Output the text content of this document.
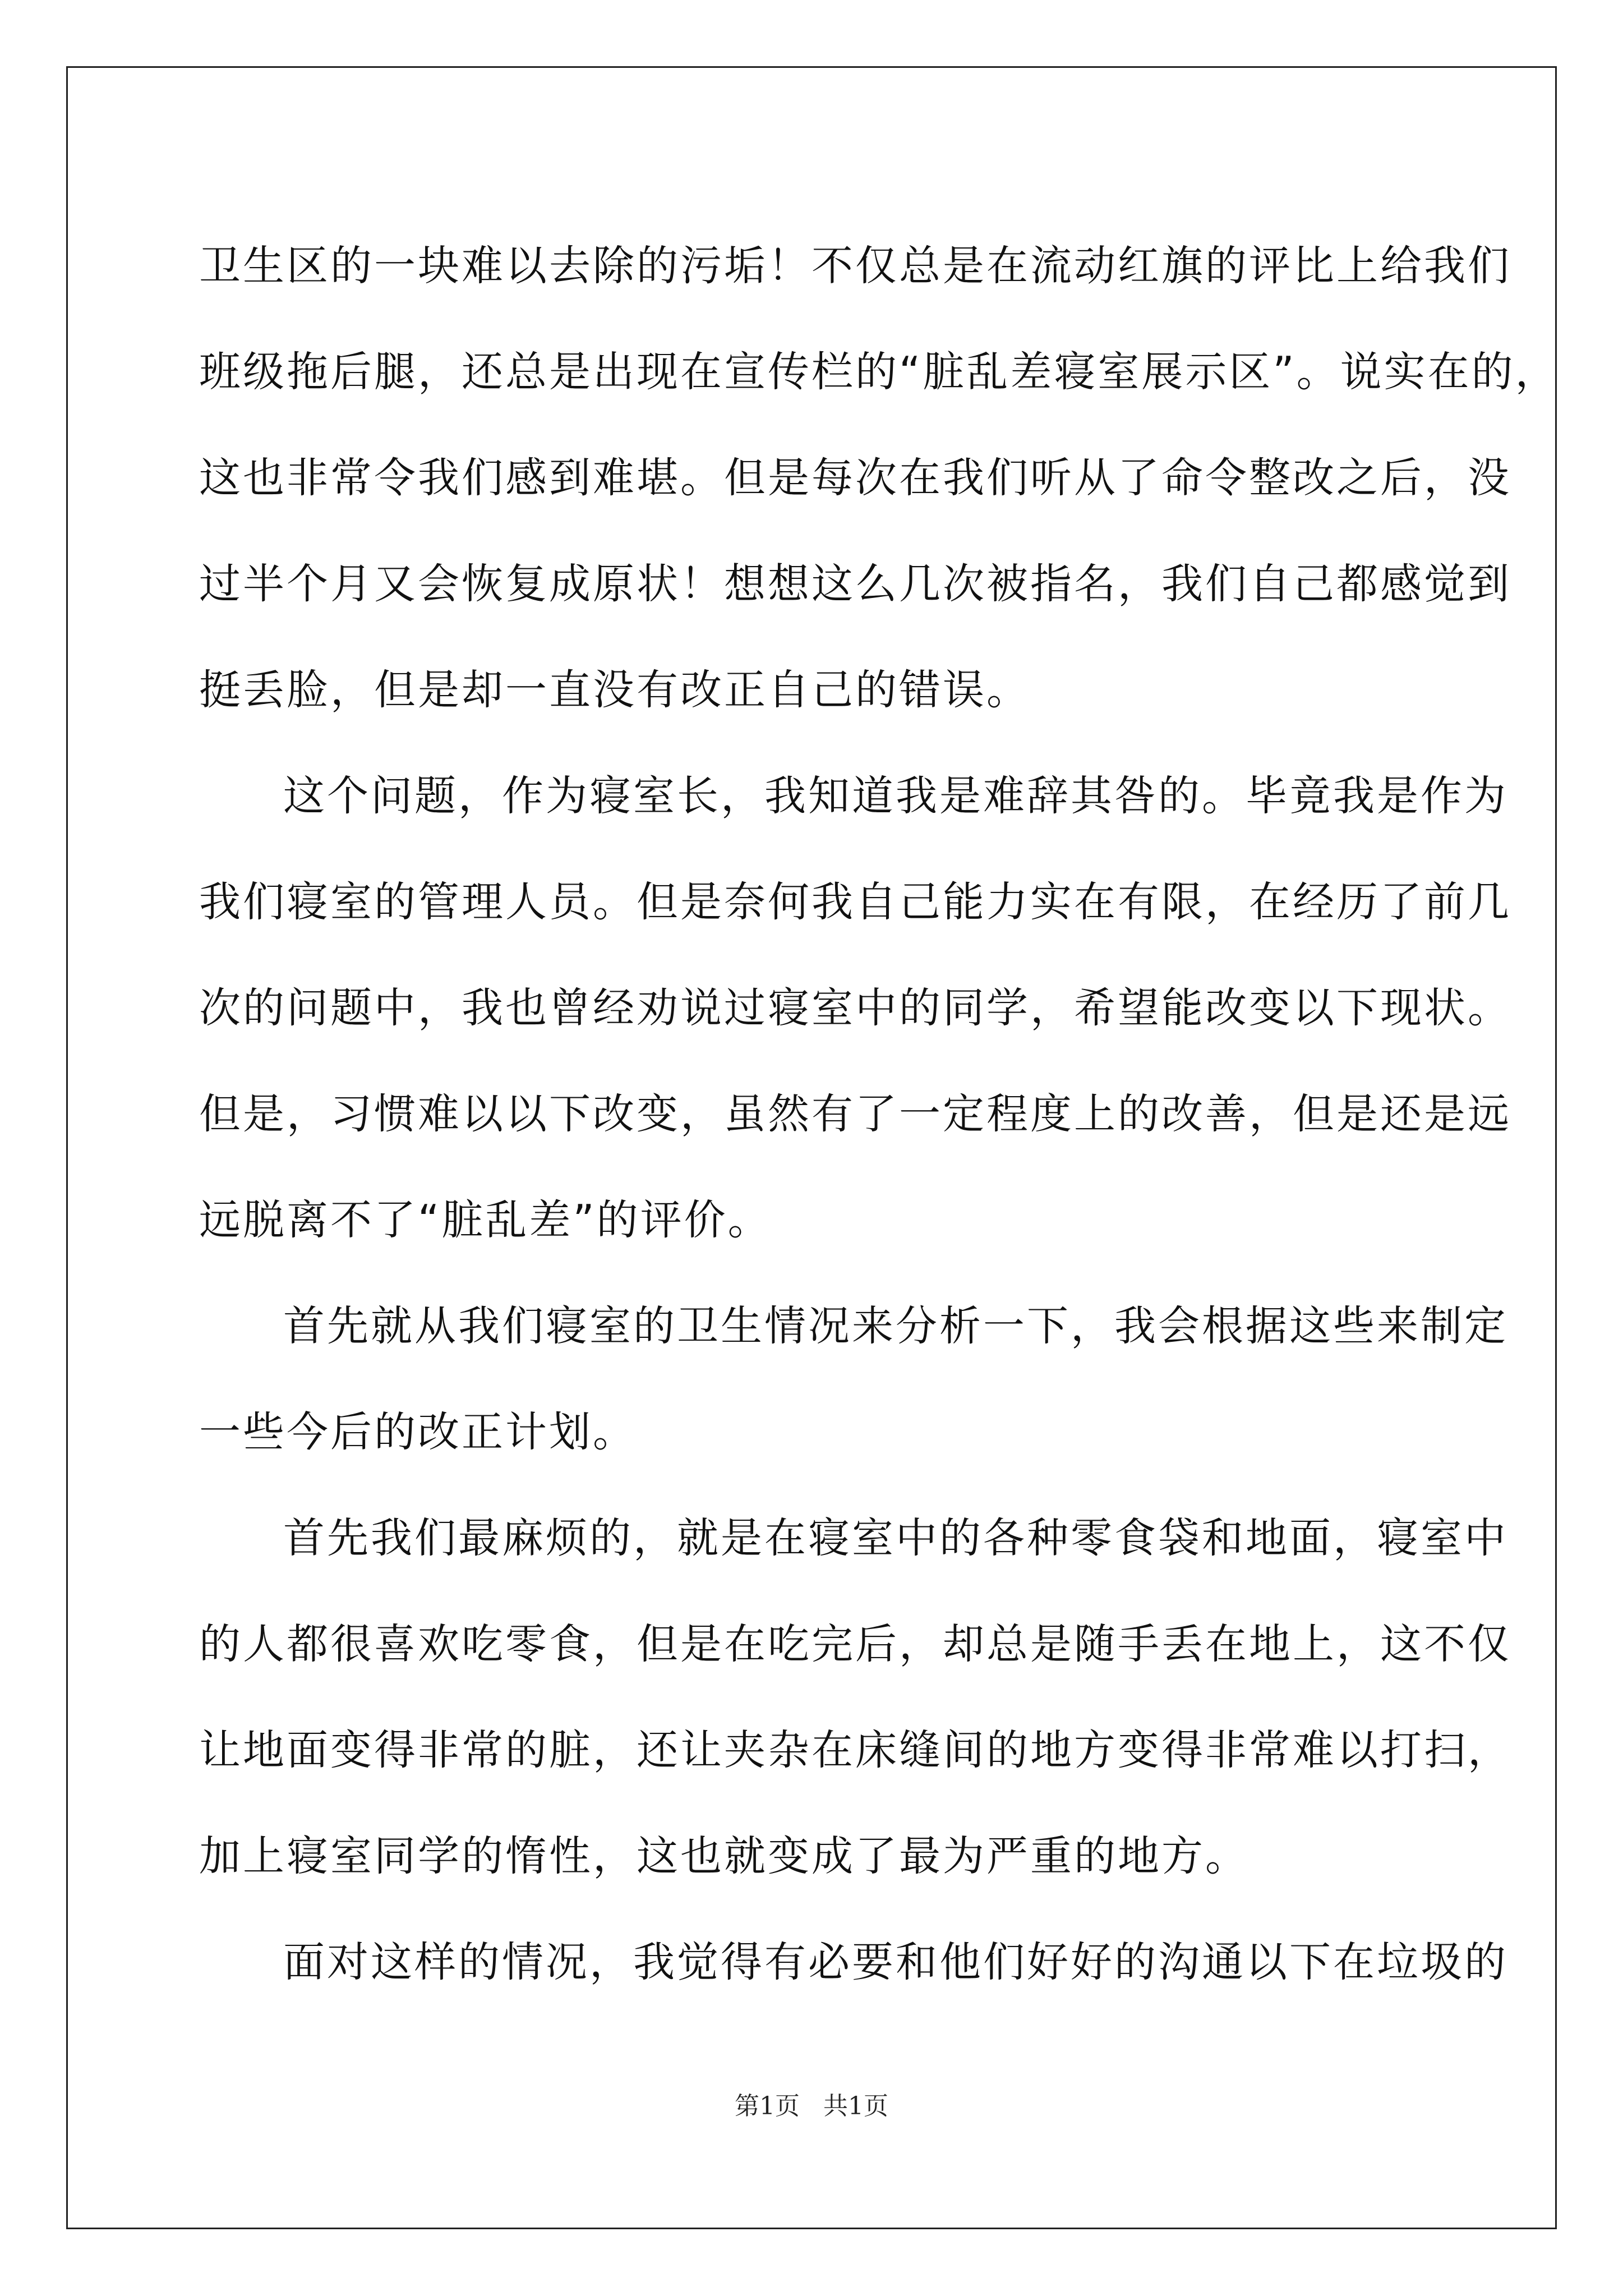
卫生区的一块难以去除的污垢！不仅总是在流动红旗的评比上给我们
班级拖后腿，还总是出现在宣传栏的“脏乱差寝室展示区”。说实在的，
这也非常令我们感到难堪。但是每次在我们听从了命令整改之后，没
过半个月又会恢复成原状！想想这么几次被指名，我们自己都感觉到
挺丢脸，但是却一直没有改正自己的错误。
这个问题，作为寝室长，我知道我是难辞其咎的。毕竟我是作为
我们寝室的管理人员。但是奈何我自己能力实在有限，在经历了前几
次的问题中，我也曾经劝说过寝室中的同学，希望能改变以下现状。
但是，习惯难以以下改变，虽然有了一定程度上的改善，但是还是远
远脱离不了“脏乱差”的评价。
首先就从我们寝室的卫生情况来分析一下，我会根据这些来制定
一些今后的改正计划。
首先我们最麻烦的，就是在寝室中的各种零食袋和地面，寝室中
的人都很喜欢吃零食，但是在吃完后，却总是随手丢在地上，这不仅
让地面变得非常的脏，还让夹杂在床缝间的地方变得非常难以打扫，
加上寝室同学的惰性，这也就变成了最为严重的地方。
面对这样的情况，我觉得有必要和他们好好的沟通以下在垃圾的
第1页 共1页
